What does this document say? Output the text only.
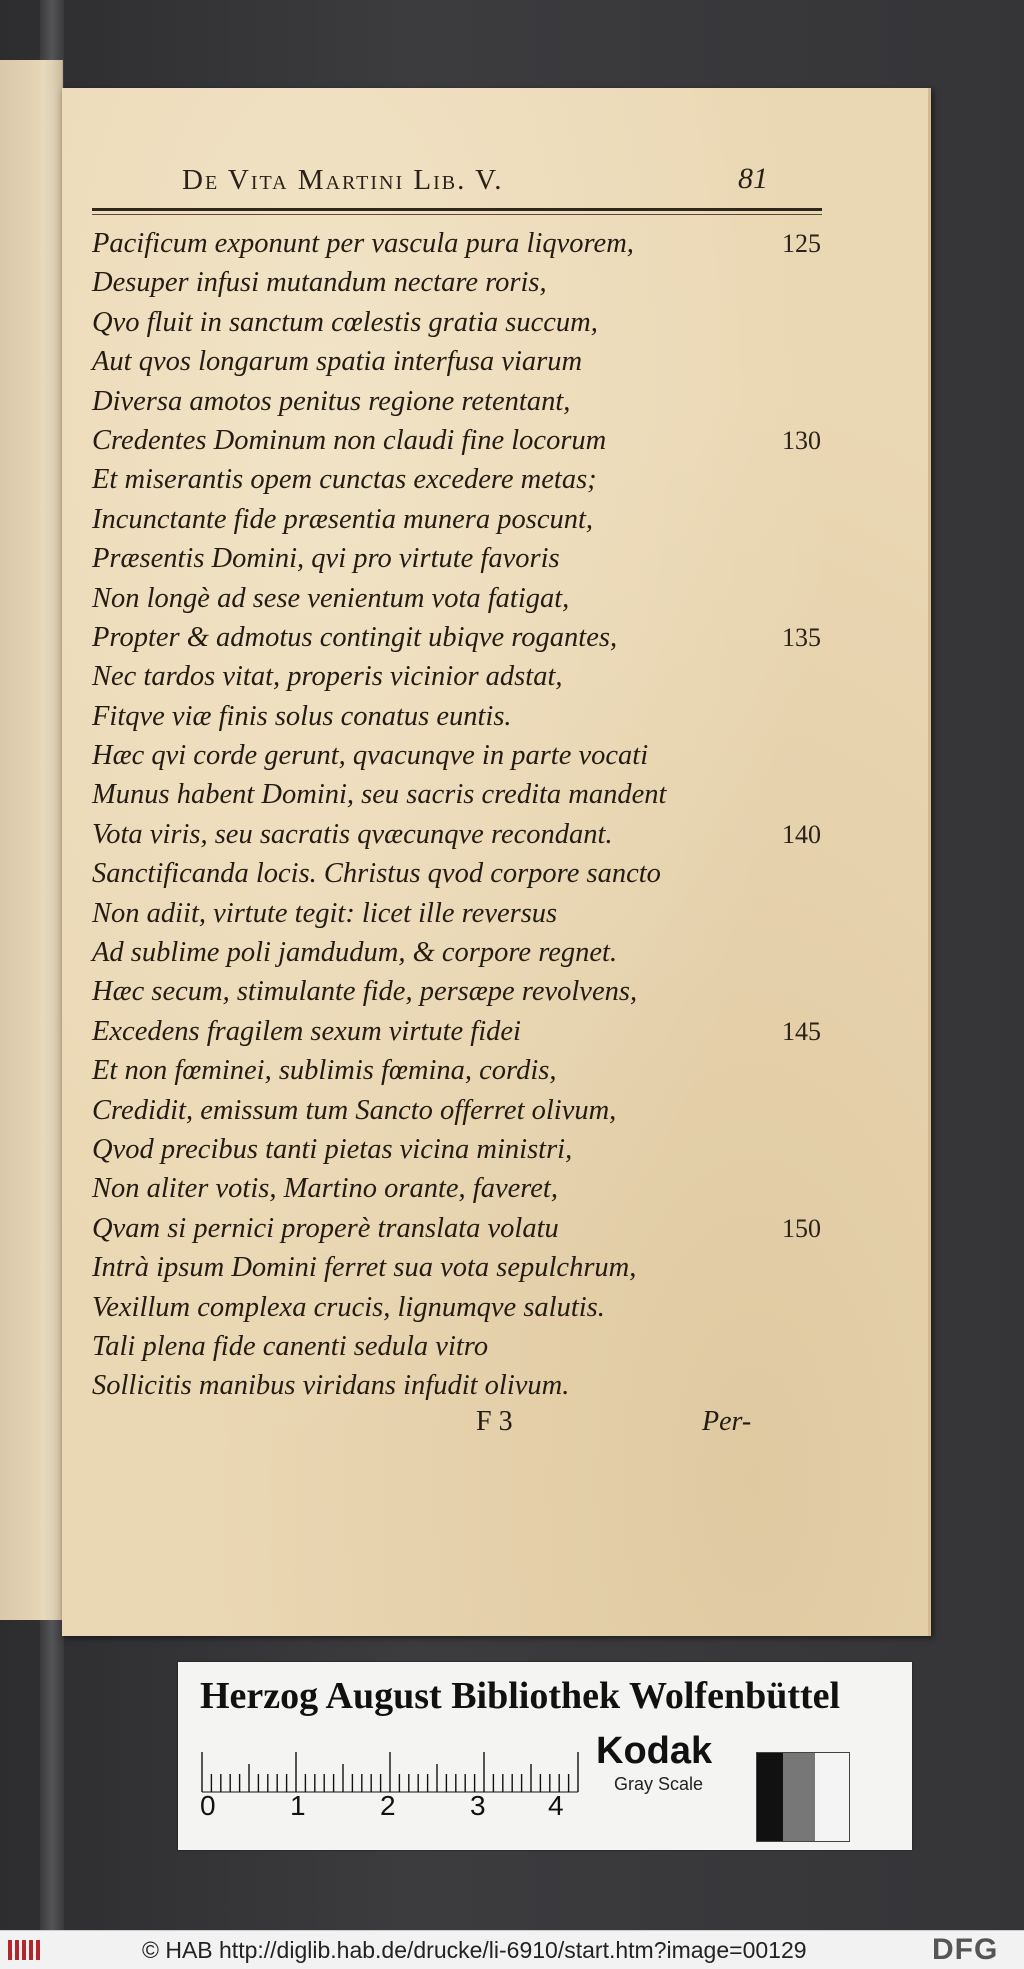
De Vita Martini Lib. V.	81
Pacificum exponunt per vascula pura liqvorem,	125
Desuper infusi mutandum nectare roris,
Qvo fluit in sanctum cœlestis gratia succum,
Aut qvos longarum spatia interfusa viarum
Diversa amotos penitus regione retentant,
Credentes Dominum non claudi fine locorum	130
Et miserantis opem cunctas excedere metas;
Incunctante fide præsentia munera poscunt,
Præsentis Domini, qvi pro virtute favoris
Non longè ad sese venientum vota fatigat,
Propter & admotus contingit ubiqve rogantes,	135
Nec tardos vitat, properis vicinior adstat,
Fitqve viæ finis solus conatus euntis.
Hæc qvi corde gerunt, qvacunqve in parte vocati
Munus habent Domini, seu sacris credita mandent
Vota viris, seu sacratis qvæcunqve recondant.	140
Sanctificanda locis. Christus qvod corpore sancto
Non adiit, virtute tegit: licet ille reversus
Ad sublime poli jamdudum, & corpore regnet.
Hæc secum, stimulante fide, persæpe revolvens,
Excedens fragilem sexum virtute fidei	145
Et non fœminei, sublimis fœmina, cordis,
Credidit, emissum tum Sancto offerret olivum,
Qvod precibus tanti pietas vicina ministri,
Non aliter votis, Martino orante, faveret,
Qvam si pernici properè translata volatu	150
Intrà ipsum Domini ferret sua vota sepulchrum,
Vexillum complexa crucis, lignumqve salutis.
Tali plena fide canenti sedula vitro
Sollicitis manibus viridans infudit olivum.
F 3	Per-
Herzog August Bibliothek Wolfenbüttel
0	1	2	3 4
Kodak
Gray Scale
© HAB http://diglib.hab.de/drucke/li-6910/start.htm?image=00129	DFG
